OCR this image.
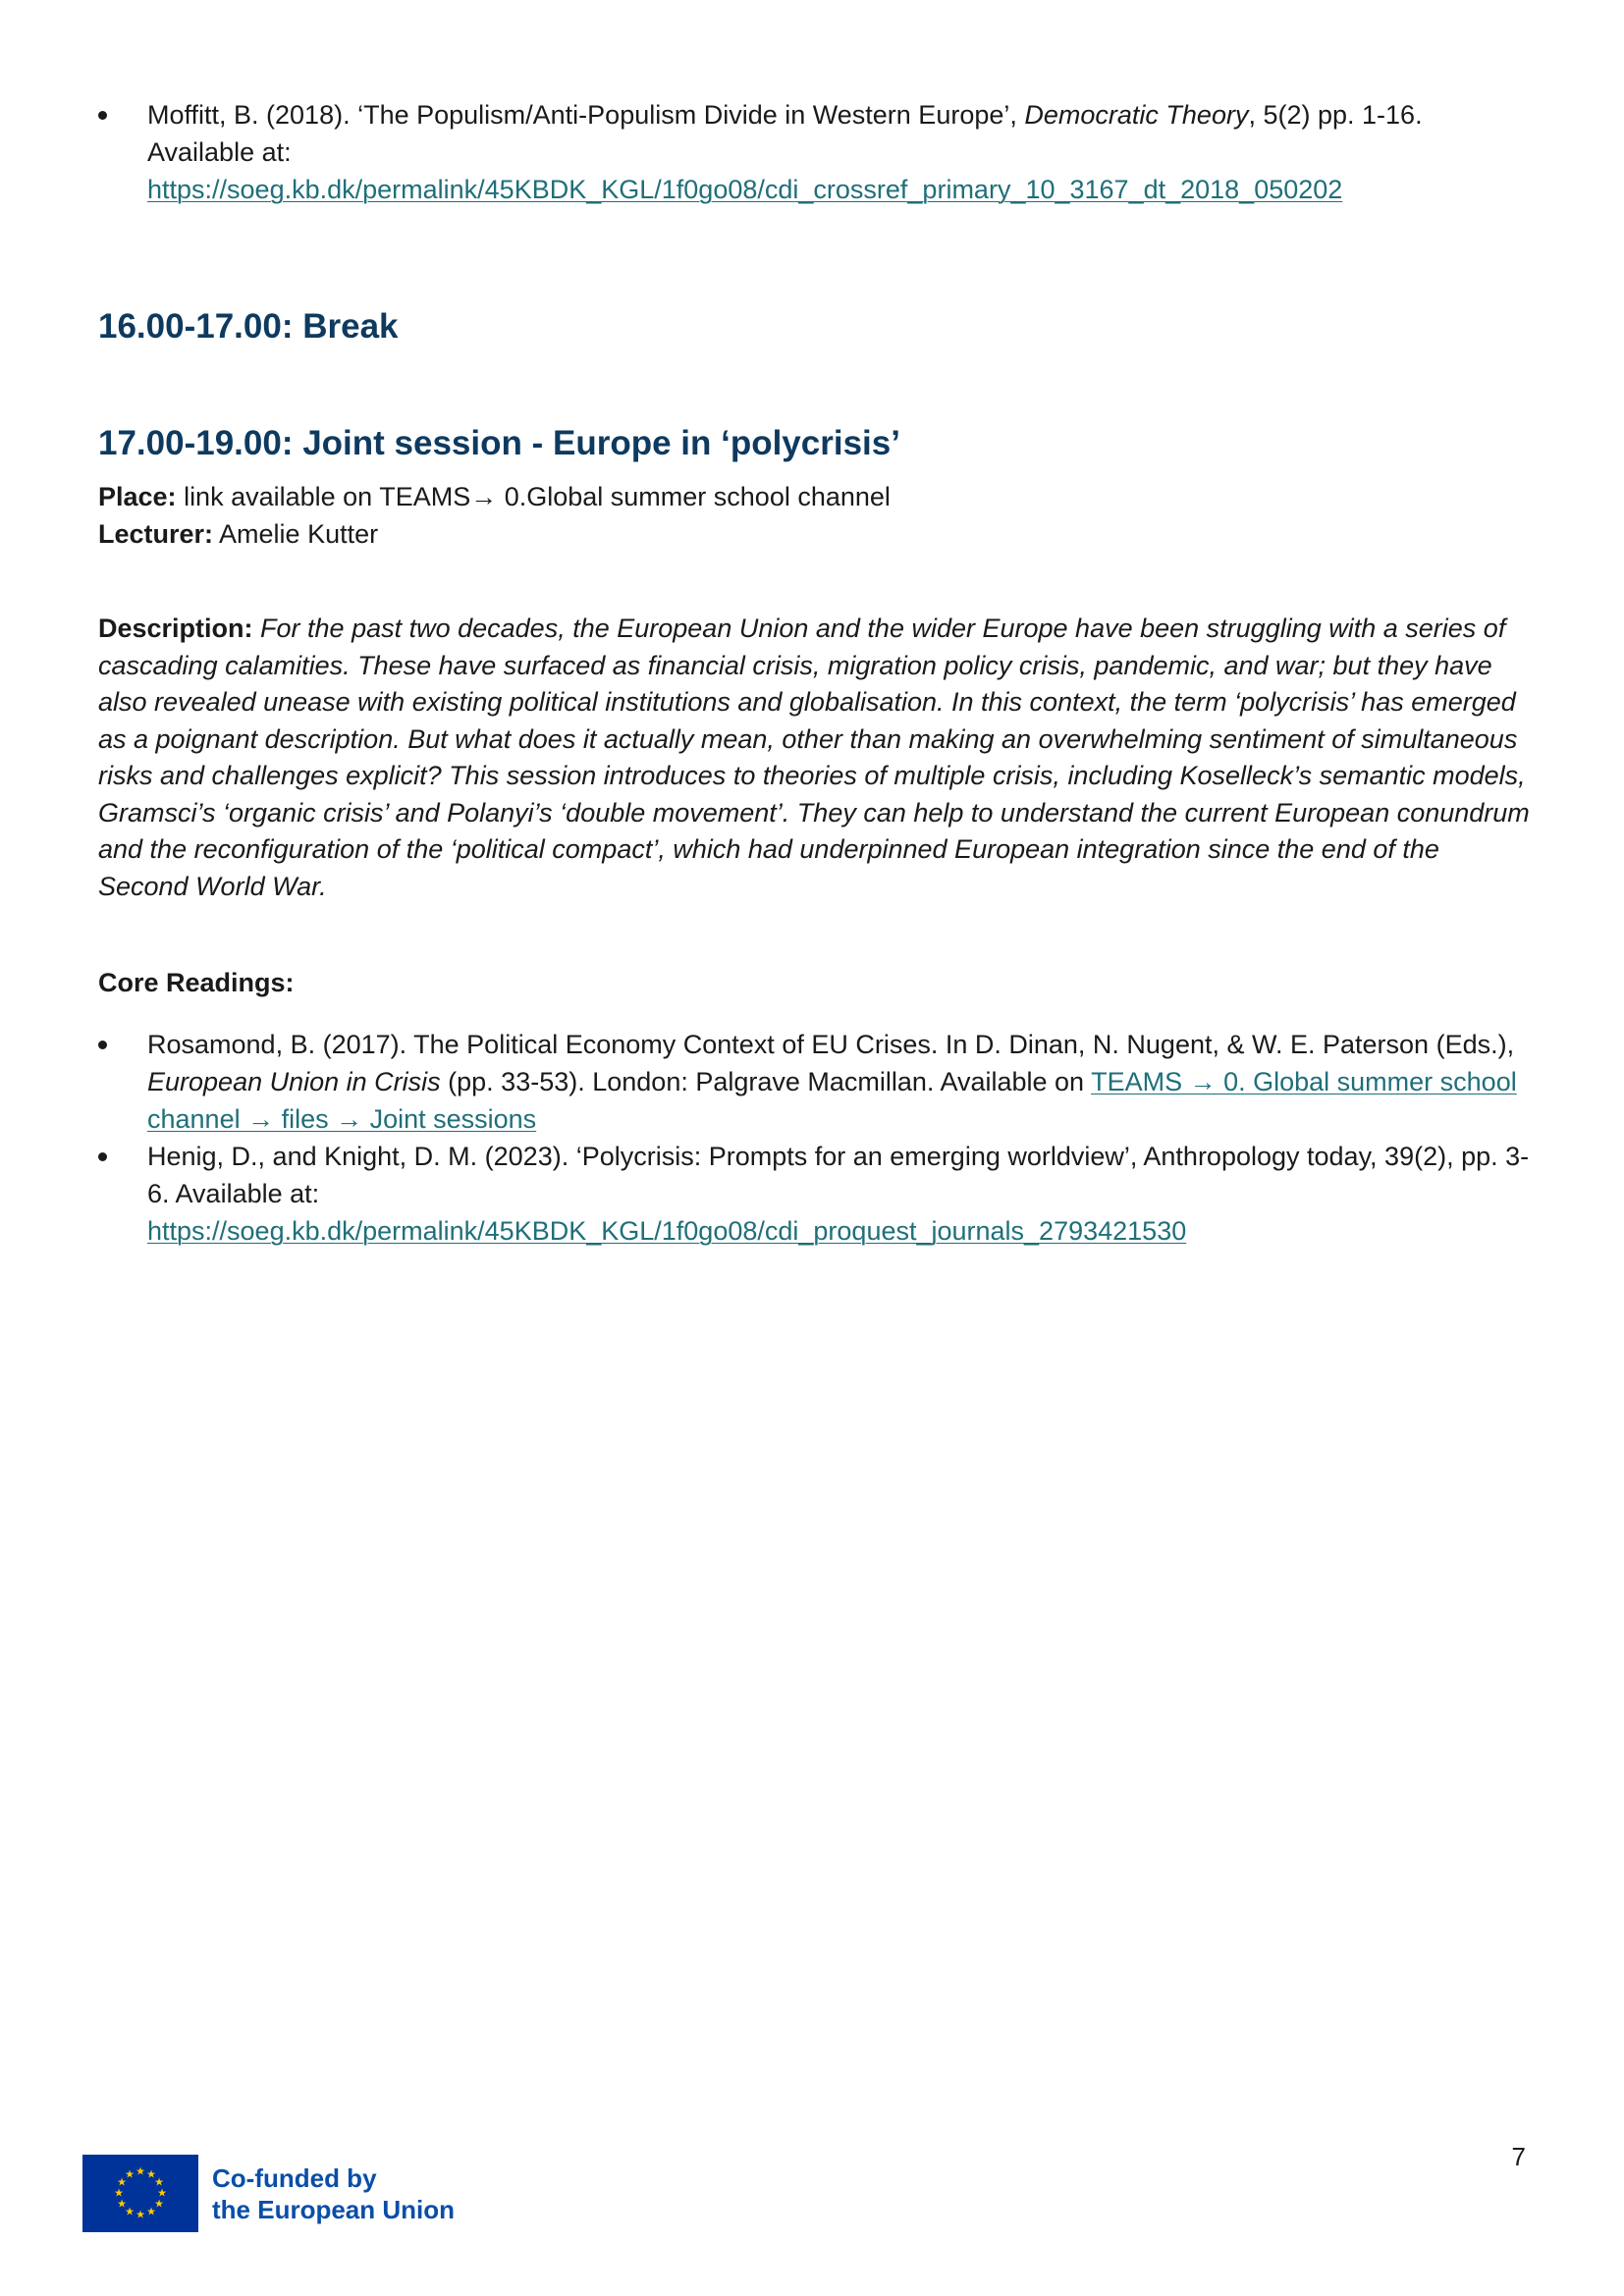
Moffitt, B. (2018). ‘The Populism/Anti-Populism Divide in Western Europe’, Democratic Theory, 5(2) pp. 1-16. Available at:
https://soeg.kb.dk/permalink/45KBDK_KGL/1f0go08/cdi_crossref_primary_10_3167_dt_2018_050202
16.00-17.00: Break
17.00-19.00: Joint session - Europe in ‘polycrisis’

Place: link available on TEAMS→ 0.Global summer school channel

Lecturer: Amelie Kutter

Description: For the past two decades, the European Union and the wider Europe have been struggling with a series of cascading calamities. These have surfaced as financial crisis, migration policy crisis, pandemic, and war; but they have also revealed unease with existing political institutions and globalisation. In this context, the term ‘polycrisis’ has emerged as a poignant description. But what does it actually mean, other than making an overwhelming sentiment of simultaneous risks and challenges explicit? This session introduces to theories of multiple crisis, including Koselleck’s semantic models, Gramsci’s ‘organic crisis’ and Polanyi’s ‘double movement’. They can help to understand the current European conundrum and the reconfiguration of the ‘political compact’, which had underpinned European integration since the end of the Second World War.

Core Readings:

Rosamond, B. (2017). The Political Economy Context of EU Crises. In D. Dinan, N. Nugent, & W. E. Paterson (Eds.), European Union in Crisis (pp. 33-53). London: Palgrave Macmillan. Available on TEAMS → 0. Global summer school channel → files → Joint sessions
Henig, D., and Knight, D. M. (2023). ‘Polycrisis: Prompts for an emerging worldview’, Anthropology today, 39(2), pp. 3-6. Available at:
https://soeg.kb.dk/permalink/45KBDK_KGL/1f0go08/cdi_proquest_journals_2793421530
★ ★
★
★
★
★
★
★
★
★
★
★	Co-funded by
the European Union
7
